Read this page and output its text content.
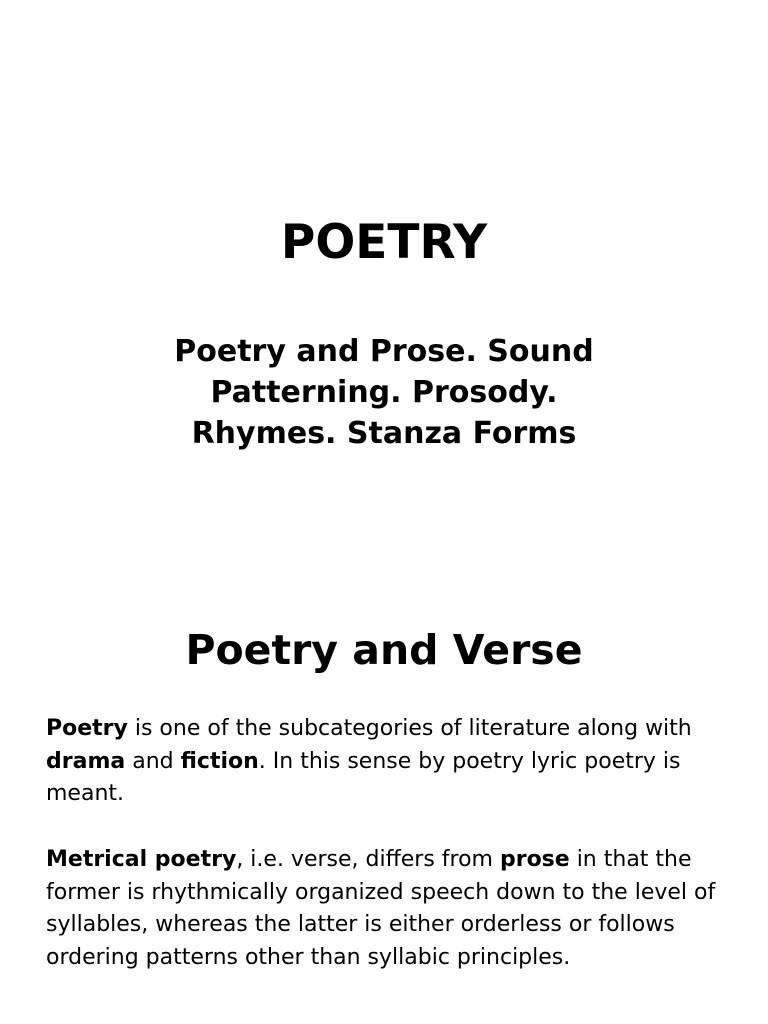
POETRY
Poetry and Prose. Sound
Patterning. Prosody.
Rhymes. Stanza Forms
Poetry and Verse

Poetry is one of the subcategories of literature along with drama and fiction. In this sense by poetry lyric poetry is meant.

Metrical poetry, i.e. verse, differs from prose in that the former is rhythmically organized speech down to the level of syllables, whereas the latter is either orderless or follows ordering patterns other than syllabic principles.
